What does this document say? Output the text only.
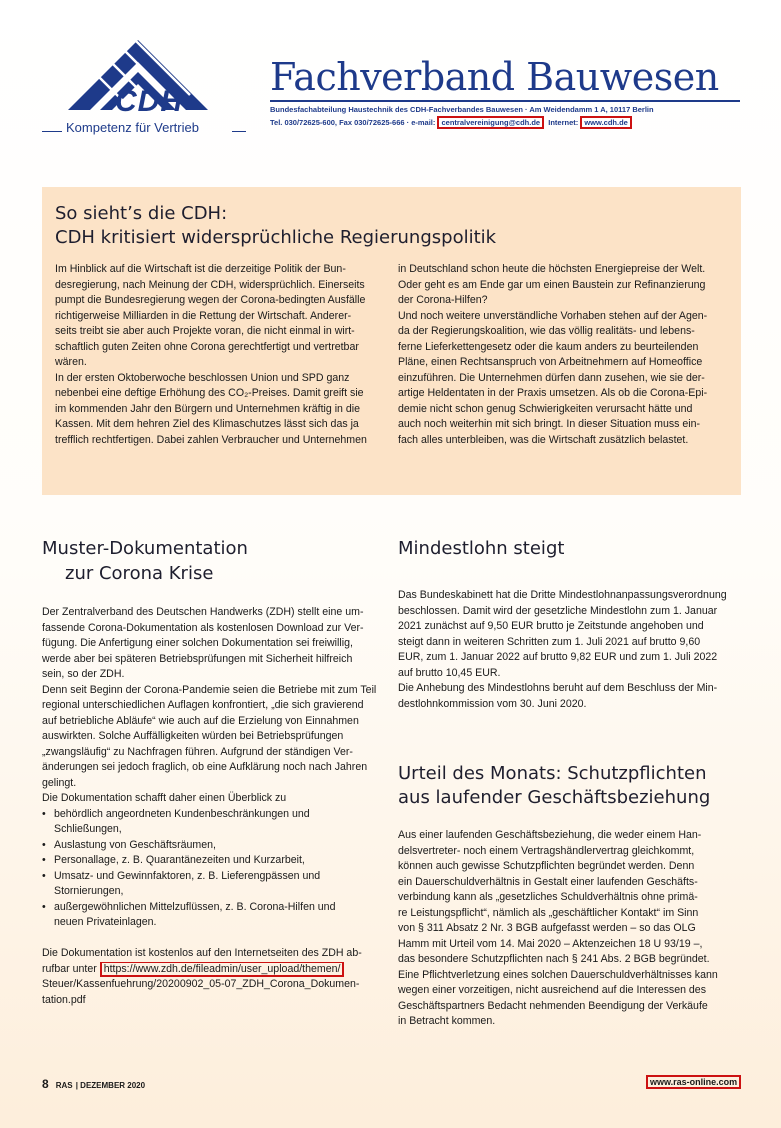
CDH
Kompetenz für Vertrieb
Fachverband Bauwesen
Bundesfachabteilung Haustechnik des CDH-Fachverbandes Bauwesen · Am Weidendamm 1 A, 10117 Berlin
Tel. 030/72625-600, Fax 030/72625-666 · e-mail: centralvereinigung@cdh.de Internet: www.cdh.de
So sieht’s die CDH:
CDH kritisiert widersprüchliche Regierungspolitik
Im Hinblick auf die Wirtschaft ist die derzeitige Politik der Bun-
desregierung, nach Meinung der CDH, widersprüchlich. Einerseits
pumpt die Bundesregierung wegen der Corona-bedingten Ausfälle
richtigerweise Milliarden in die Rettung der Wirtschaft. Anderer-
seits treibt sie aber auch Projekte voran, die nicht einmal in wirt-
schaftlich guten Zeiten ohne Corona gerechtfertigt und vertretbar
wären.
In der ersten Oktoberwoche beschlossen Union und SPD ganz
nebenbei eine deftige Erhöhung des CO₂-Preises. Damit greift sie
im kommenden Jahr den Bürgern und Unternehmen kräftig in die
Kassen. Mit dem hehren Ziel des Klimaschutzes lässt sich das ja
trefflich rechtfertigen. Dabei zahlen Verbraucher und Unternehmen
in Deutschland schon heute die höchsten Energiepreise der Welt.
Oder geht es am Ende gar um einen Baustein zur Refinanzierung
der Corona-Hilfen?
Und noch weitere unverständliche Vorhaben stehen auf der Agen-
da der Regierungskoalition, wie das völlig realitäts- und lebens-
ferne Lieferkettengesetz oder die kaum anders zu beurteilenden
Pläne, einen Rechtsanspruch von Arbeitnehmern auf Homeoffice
einzuführen. Die Unternehmen dürfen dann zusehen, wie sie der-
artige Heldentaten in der Praxis umsetzen. Als ob die Corona-Epi-
demie nicht schon genug Schwierigkeiten verursacht hätte und
auch noch weiterhin mit sich bringt. In dieser Situation muss ein-
fach alles unterbleiben, was die Wirtschaft zusätzlich belastet.
Muster-Dokumentation
zur Corona Krise
Der Zentralverband des Deutschen Handwerks (ZDH) stellt eine um-
fassende Corona-Dokumentation als kostenlosen Download zur Ver-
fügung. Die Anfertigung einer solchen Dokumentation sei freiwillig,
werde aber bei späteren Betriebsprüfungen mit Sicherheit hilfreich
sein, so der ZDH.
Denn seit Beginn der Corona-Pandemie seien die Betriebe mit zum Teil
regional unterschiedlichen Auflagen konfrontiert, „die sich gravierend
auf betriebliche Abläufe“ wie auch auf die Erzielung von Einnahmen
auswirkten. Solche Auffälligkeiten würden bei Betriebsprüfungen
„zwangsläufig“ zu Nachfragen führen. Aufgrund der ständigen Ver-
änderungen sei jedoch fraglich, ob eine Aufklärung noch nach Jahren
gelingt.
Die Dokumentation schafft daher einen Überblick zu
• behördlich angeordneten Kundenbeschränkungen und
Schließungen,
• Auslastung von Geschäftsräumen,
• Personallage, z. B. Quarantänezeiten und Kurzarbeit,
• Umsatz- und Gewinnfaktoren, z. B. Lieferengpässen und
Stornierungen,
• außergewöhnlichen Mittelzuflüssen, z. B. Corona-Hilfen und
neuen Privateinlagen.
Die Dokumentation ist kostenlos auf den Internetseiten des ZDH ab-
rufbar unter https://www.zdh.de/fileadmin/user_upload/themen/
Steuer/Kassenfuehrung/20200902_05-07_ZDH_Corona_Dokumen-
tation.pdf
Mindestlohn steigt
Das Bundeskabinett hat die Dritte Mindestlohnanpassungsverordnung
beschlossen. Damit wird der gesetzliche Mindestlohn zum 1. Januar
2021 zunächst auf 9,50 EUR brutto je Zeitstunde angehoben und
steigt dann in weiteren Schritten zum 1. Juli 2021 auf brutto 9,60
EUR, zum 1. Januar 2022 auf brutto 9,82 EUR und zum 1. Juli 2022
auf brutto 10,45 EUR.
Die Anhebung des Mindestlohns beruht auf dem Beschluss der Min-
destlohnkommission vom 30. Juni 2020.
Urteil des Monats: Schutzpflichten
aus laufender Geschäftsbeziehung
Aus einer laufenden Geschäftsbeziehung, die weder einem Han-
delsvertreter- noch einem Vertragshändlervertrag gleichkommt,
können auch gewisse Schutzpflichten begründet werden. Denn
ein Dauerschuldverhältnis in Gestalt einer laufenden Geschäfts-
verbindung kann als „gesetzliches Schuldverhältnis ohne primä-
re Leistungspflicht“, nämlich als „geschäftlicher Kontakt“ im Sinn
von § 311 Absatz 2 Nr. 3 BGB aufgefasst werden – so das OLG
Hamm mit Urteil vom 14. Mai 2020 – Aktenzeichen 18 U 93/19 –,
das besondere Schutzpflichten nach § 241 Abs. 2 BGB begründet.
Eine Pflichtverletzung eines solchen Dauerschuldverhältnisses kann
wegen einer vorzeitigen, nicht ausreichend auf die Interessen des
Geschäftspartners Bedacht nehmenden Beendigung der Verkäufe
in Betracht kommen.
8 RAS | DEZEMBER 2020	www.ras-online.com
